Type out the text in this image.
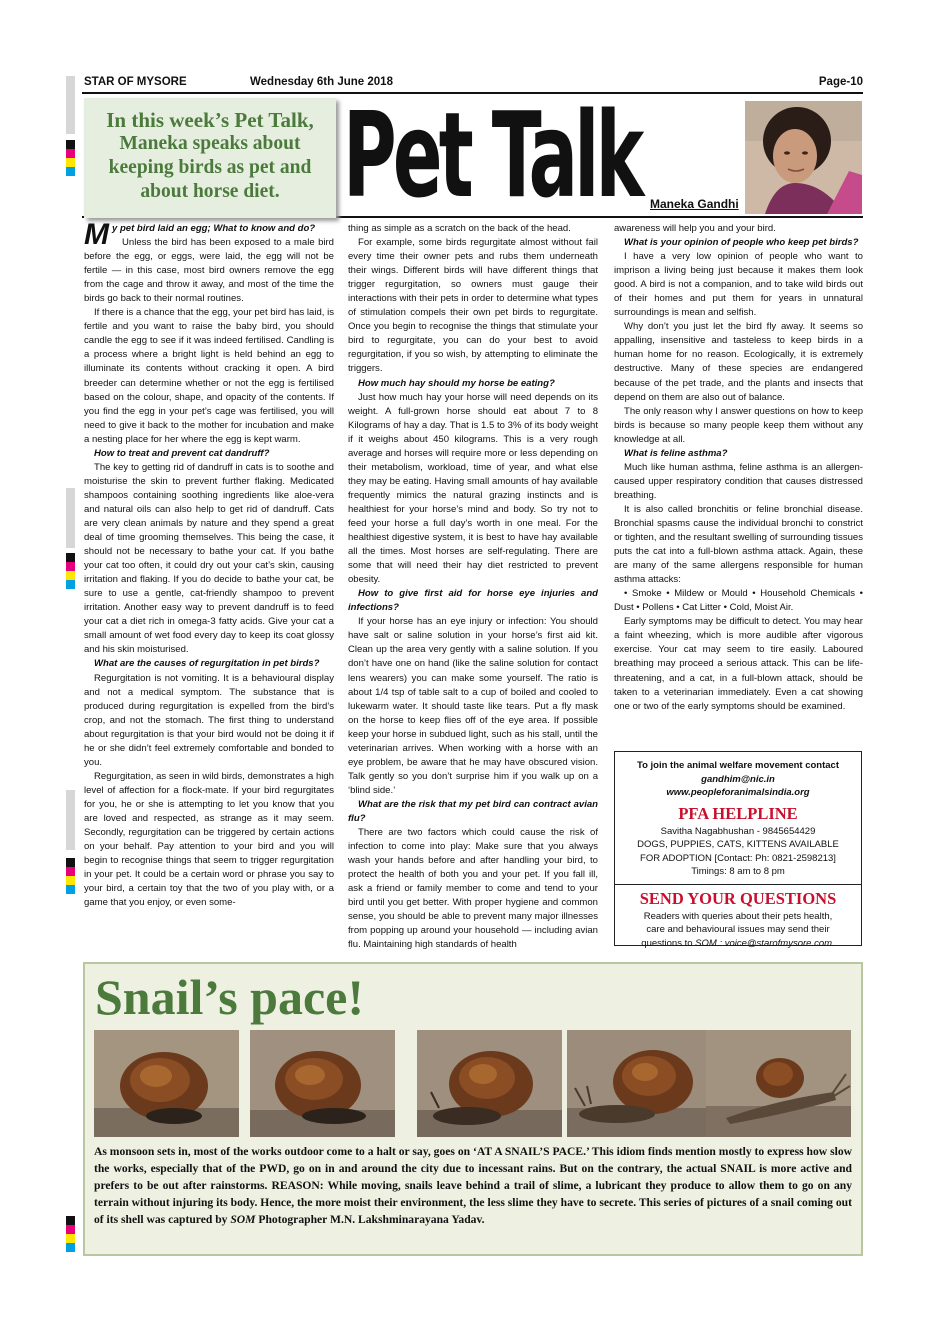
STAR OF MYSORE	Wednesday 6th June 2018	Page-10
In this week’s Pet Talk,
Maneka speaks about
keeping birds as pet and
about horse diet. Pet Talk Maneka Gandhi

My pet bird laid an egg; What to know and do?

Unless the bird has been exposed to a male bird before the egg, or eggs, were laid, the egg will not be fertile — in this case, most bird owners remove the egg from the cage and throw it away, and most of the time the birds go back to their normal routines.

If there is a chance that the egg, your pet bird has laid, is fertile and you want to raise the baby bird, you should candle the egg to see if it was indeed fertilised. Candling is a process where a bright light is held behind an egg to illuminate its contents without cracking it open. A bird breeder can determine whether or not the egg is fertilised based on the colour, shape, and opacity of the contents. If you find the egg in your pet’s cage was fertilised, you will need to give it back to the mother for incubation and make a nesting place for her where the egg is kept warm.

How to treat and prevent cat dandruff?

The key to getting rid of dandruff in cats is to soothe and moisturise the skin to prevent further flaking. Medicated shampoos containing soothing ingredients like aloe-vera and natural oils can also help to get rid of dandruff. Cats are very clean animals by nature and they spend a great deal of time grooming themselves. This being the case, it should not be necessary to bathe your cat. If you bathe your cat too often, it could dry out your cat’s skin, causing irritation and flaking. If you do decide to bathe your cat, be sure to use a gentle, cat-friendly shampoo to prevent irritation. Another easy way to prevent dandruff is to feed your cat a diet rich in omega-3 fatty acids. Give your cat a small amount of wet food every day to keep its coat glossy and his skin moisturised.

What are the causes of regurgitation in pet birds?

Regurgitation is not vomiting. It is a behavioural display and not a medical symptom. The substance that is produced during regurgitation is expelled from the bird’s crop, and not the stomach. The first thing to understand about regurgitation is that your bird would not be doing it if he or she didn’t feel extremely comfortable and bonded to you.

Regurgitation, as seen in wild birds, demonstrates a high level of affection for a flock-mate. If your bird regurgitates for you, he or she is attempting to let you know that you are loved and respected, as strange as it may seem. Secondly, regurgitation can be triggered by certain actions on your behalf. Pay attention to your bird and you will begin to recognise things that seem to trigger regurgitation in your pet. It could be a certain word or phrase you say to your bird, a certain toy that the two of you play with, or a game that you enjoy, or even some-

thing as simple as a scratch on the back of the head.

For example, some birds regurgitate almost without fail every time their owner pets and rubs them underneath their wings. Different birds will have different things that trigger regurgitation, so owners must gauge their interactions with their pets in order to determine what types of stimulation compels their own pet birds to regurgitate. Once you begin to recognise the things that stimulate your bird to regurgitate, you can do your best to avoid regurgitation, if you so wish, by attempting to eliminate the triggers.

How much hay should my horse be eating?

Just how much hay your horse will need depends on its weight. A full-grown horse should eat about 7 to 8 Kilograms of hay a day. That is 1.5 to 3% of its body weight if it weighs about 450 kilograms. This is a very rough average and horses will require more or less depending on their metabolism, workload, time of year, and what else they may be eating. Having small amounts of hay available frequently mimics the natural grazing instincts and is healthiest for your horse’s mind and body. So try not to feed your horse a full day’s worth in one meal. For the healthiest digestive system, it is best to have hay available all the times. Most horses are self-regulating. There are some that will need their hay diet restricted to prevent obesity.

How to give first aid for horse eye injuries and infections?

If your horse has an eye injury or infection: You should have salt or saline solution in your horse’s first aid kit. Clean up the area very gently with a saline solution. If you don’t have one on hand (like the saline solution for contact lens wearers) you can make some yourself. The ratio is about 1/4 tsp of table salt to a cup of boiled and cooled to lukewarm water. It should taste like tears. Put a fly mask on the horse to keep flies off of the eye area. If possible keep your horse in subdued light, such as his stall, until the veterinarian arrives. When working with a horse with an eye problem, be aware that he may have obscured vision. Talk gently so you don’t surprise him if you walk up on a ‘blind side.’

What are the risk that my pet bird can contract avian flu?

There are two factors which could cause the risk of infection to come into play: Make sure that you always wash your hands before and after handling your bird, to protect the health of both you and your pet. If you fall ill, ask a friend or family member to come and tend to your bird until you get better. With proper hygiene and common sense, you should be able to prevent many major illnesses from popping up around your household — including avian flu. Maintaining high standards of health

awareness will help you and your bird.

What is your opinion of people who keep pet birds?

I have a very low opinion of people who want to imprison a living being just because it makes them look good. A bird is not a companion, and to take wild birds out of their homes and put them for years in unnatural surroundings is mean and selfish.

Why don’t you just let the bird fly away. It seems so appalling, insensitive and tasteless to keep birds in a human home for no reason. Ecologically, it is extremely destructive. Many of these species are endangered because of the pet trade, and the plants and insects that depend on them are also out of balance.

The only reason why I answer questions on how to keep birds is because so many people keep them without any knowledge at all.

What is feline asthma?

Much like human asthma, feline asthma is an allergen-caused upper respiratory condition that causes distressed breathing.

It is also called bronchitis or feline bronchial disease. Bronchial spasms cause the individual bronchi to constrict or tighten, and the resultant swelling of surrounding tissues puts the cat into a full-blown asthma attack. Again, these are many of the same allergens responsible for human asthma attacks:

• Smoke • Mildew or Mould • Household Chemicals • Dust • Pollens • Cat Litter • Cold, Moist Air.

Early symptoms may be difficult to detect. You may hear a faint wheezing, which is more audible after vigorous exercise. Your cat may seem to tire easily. Laboured breathing may proceed a serious attack. This can be life-threatening, and a cat, in a full-blown attack, should be taken to a veterinarian immediately. Even a cat showing one or two of the early symptoms should be examined.

To join the animal welfare movement contact
gandhim@nic.in
www.peopleforanimalsindia.org
PFA HELPLINE
Savitha Nagabhushan - 9845654429
DOGS, PUPPIES, CATS, KITTENS AVAILABLE
FOR ADOPTION [Contact: Ph: 0821-2598213]
Timings: 8 am to 8 pm
SEND YOUR QUESTIONS
Readers with queries about their pets health,
care and behavioural issues may send their
questions to SOM : voice@starofmysore.com.
Snail’s pace!
As monsoon sets in, most of the works outdoor come to a halt or say, goes on ‘AT A SNAIL’S PACE.’ This idiom finds mention mostly to express how slow the works, especially that of the PWD, go on in and around the city due to incessant rains. But on the contrary, the actual SNAIL is more active and prefers to be out after rainstorms. REASON: While moving, snails leave behind a trail of slime, a lubricant they produce to allow them to go on any terrain without injuring its body. Hence, the more moist their environment, the less slime they have to secrete. This series of pictures of a snail coming out of its shell was captured by SOM Photographer M.N. Lakshminarayana Yadav.
